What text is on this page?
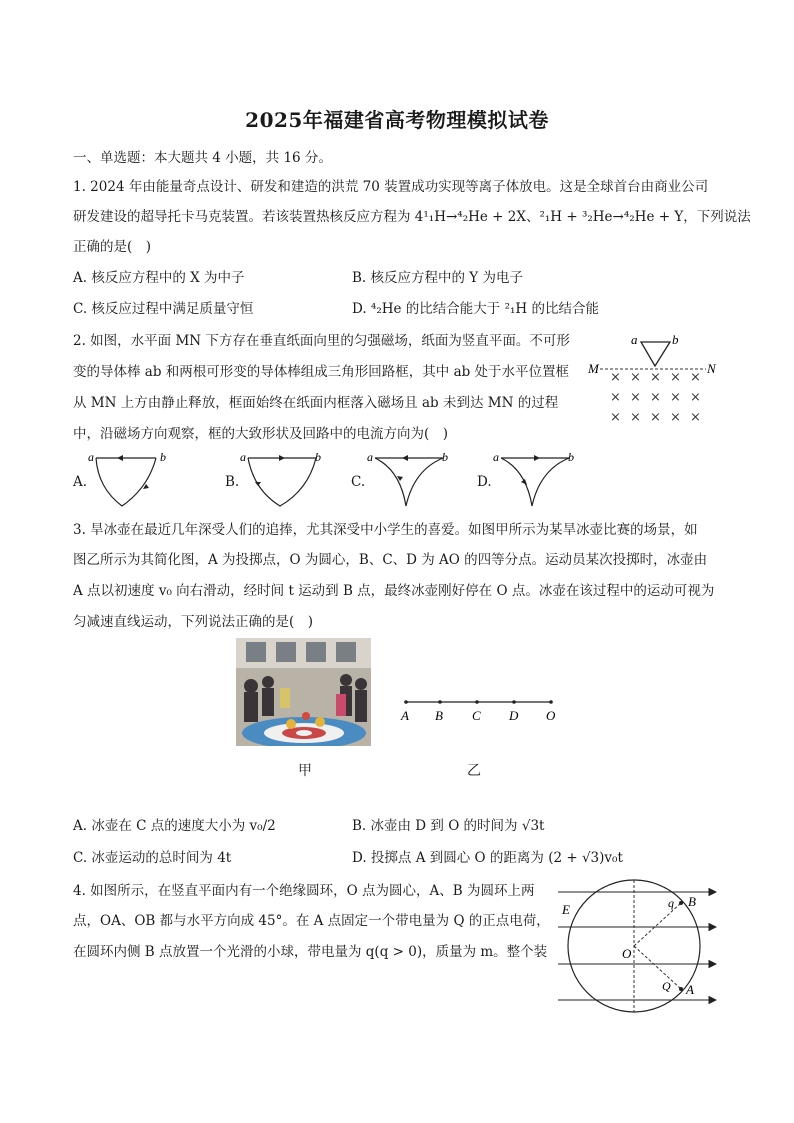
2025年福建省高考物理模拟试卷
一、单选题：本大题共 4 小题，共 16 分。
1. 2024 年由能量奇点设计、研发和建造的洪荒 70 装置成功实现等离子体放电。这是全球首台由商业公司
研发建设的超导托卡马克装置。若该装置热核反应方程为 4¹₁H→⁴₂He + 2X、²₁H + ³₂He→⁴₂He + Y，下列说法
正确的是(　)
A. 核反应方程中的 X 为中子	B. 核反应方程中的 Y 为电子
C. 核反应过程中满足质量守恒	D. ⁴₂He 的比结合能大于 ²₁H 的比结合能
2. 如图，水平面 MN 下方存在垂直纸面向里的匀强磁场，纸面为竖直平面。不可形
变的导体棒 ab 和两根可形变的导体棒组成三角形回路框，其中 ab 处于水平位置框
从 MN 上方由静止释放，框面始终在纸面内框落入磁场且 ab 未到达 MN 的过程
中，沿磁场方向观察，框的大致形状及回路中的电流方向为(　)
a	b
M	N
× × × × ×
× × × × ×
× × × × ×
A.
a	b
B.
a	b
C.
a	b
D.
a	b
3. 旱冰壶在最近几年深受人们的追捧，尤其深受中小学生的喜爱。如图甲所示为某旱冰壶比赛的场景，如
图乙所示为其简化图，A 为投掷点，O 为圆心，B、C、D 为 AO 的四等分点。运动员某次投掷时，冰壶由
A 点以初速度 v₀ 向右滑动，经时间 t 运动到 B 点，最终冰壶刚好停在 O 点。冰壶在该过程中的运动可视为
匀减速直线运动，下列说法正确的是(　)
A B C D O
甲	乙
A. 冰壶在 C 点的速度大小为 v₀/2	B. 冰壶由 D 到 O 的时间为 √3t
C. 冰壶运动的总时间为 4t	D. 投掷点 A 到圆心 O 的距离为 (2 + √3)v₀t
4. 如图所示，在竖直平面内有一个绝缘圆环，O 点为圆心，A、B 为圆环上两
点，OA、OB 都与水平方向成 45°。在 A 点固定一个带电量为 Q 的正点电荷，
在圆环内侧 B 点放置一个光滑的小球，带电量为 q(q > 0)，质量为 m。整个装
E
O
B
q
Q A
